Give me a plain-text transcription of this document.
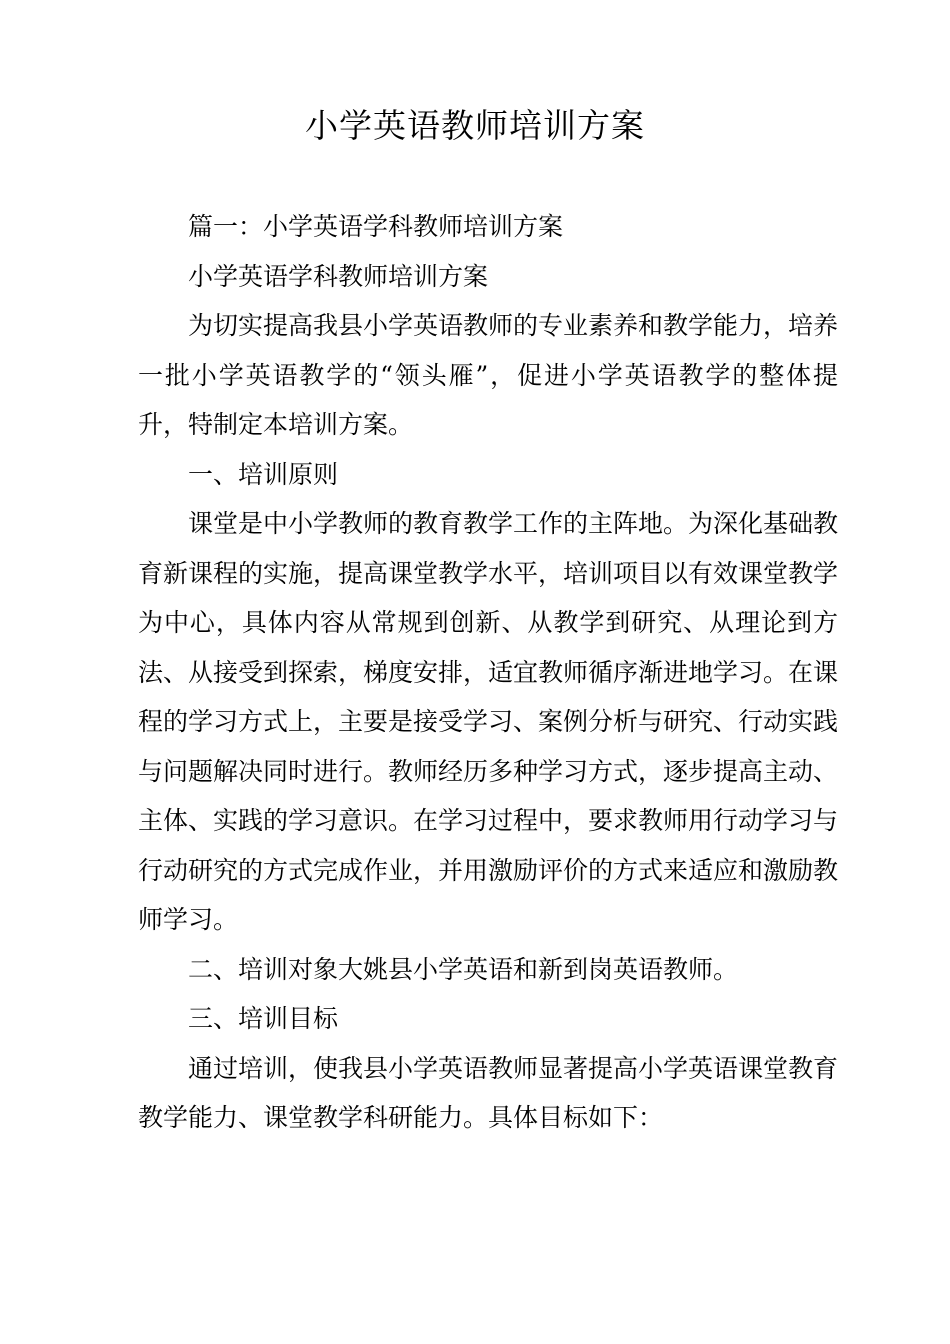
小学英语教师培训方案

篇一：小学英语学科教师培训方案

小学英语学科教师培训方案

为切实提高我县小学英语教师的专业素养和教学能力，培养一批小学英语教学的“领头雁”，促进小学英语教学的整体提升，特制定本培训方案。

一、培训原则

课堂是中小学教师的教育教学工作的主阵地。为深化基础教育新课程的实施，提高课堂教学水平，培训项目以有效课堂教学为中心，具体内容从常规到创新、从教学到研究、从理论到方法、从接受到探索，梯度安排，适宜教师循序渐进地学习。在课程的学习方式上，主要是接受学习、案例分析与研究、行动实践与问题解决同时进行。教师经历多种学习方式，逐步提高主动、主体、实践的学习意识。在学习过程中，要求教师用行动学习与行动研究的方式完成作业，并用激励评价的方式来适应和激励教师学习。

二、培训对象大姚县小学英语和新到岗英语教师。

三、培训目标

通过培训，使我县小学英语教师显著提高小学英语课堂教育教学能力、课堂教学科研能力。具体目标如下：
